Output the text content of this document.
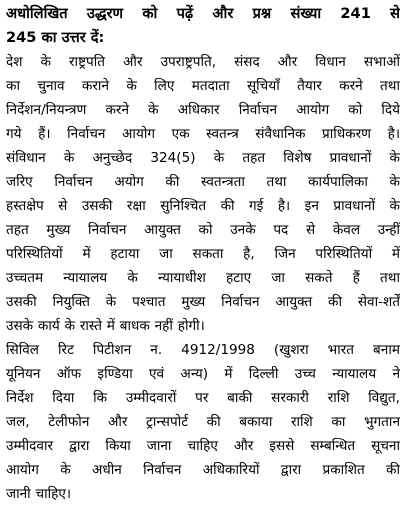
अधोलिखित उद्धरण को पढ़ें और प्रश्न संख्या 241 से
245 का उत्तर दें:
देश के राष्ट्रपति और उपराष्ट्रपति, संसद और विधान सभाओं
का चुनाव कराने के लिए मतदाता सूचियाँ तैयार करने तथा
निर्देशन/नियन्त्रण करने के अधिकार निर्वाचन आयोग को दिये
गये हैं। निर्वाचन आयोग एक स्वतन्त्र संवैधानिक प्राधिकरण है।
संविधान के अनुच्छेद 324(5) के तहत विशेष प्रावधानों के
जरिए निर्वाचन अयोग की स्वतन्त्रता तथा कार्यपालिका के
हस्तक्षेप से उसकी रक्षा सुनिश्चित की गई है। इन प्रावधानों के
तहत मुख्य निर्वाचन आयुक्त को उनके पद से केवल उन्हीं
परिस्थितियों में हटाया जा सकता है, जिन परिस्थितियों में
उच्चतम न्यायालय के न्यायाधीश हटाए जा सकते हैं तथा
उसकी नियुक्ति के पश्चात मुख्य निर्वाचन आयुक्त की सेवा-शर्तें
उसके कार्य के रास्ते में बाधक नहीं होगी।
सिविल रिट पिटीशन न. 4912/1998 (खुशरा भारत बनाम
यूनियन ऑफ इण्डिया एवं अन्य) में दिल्ली उच्च न्यायालय ने
निर्देश दिया कि उम्मीदवारों पर बाकी सरकारी राशि विद्युत,
जल, टेलीफोन और ट्रान्सपोर्ट की बकाया राशि का भुगतान
उम्मीदवार द्वारा किया जाना चाहिए और इससे सम्बन्धित सूचना
आयोग के अधीन निर्वाचन अधिकारियों द्वारा प्रकाशित की
जानी चाहिए।
